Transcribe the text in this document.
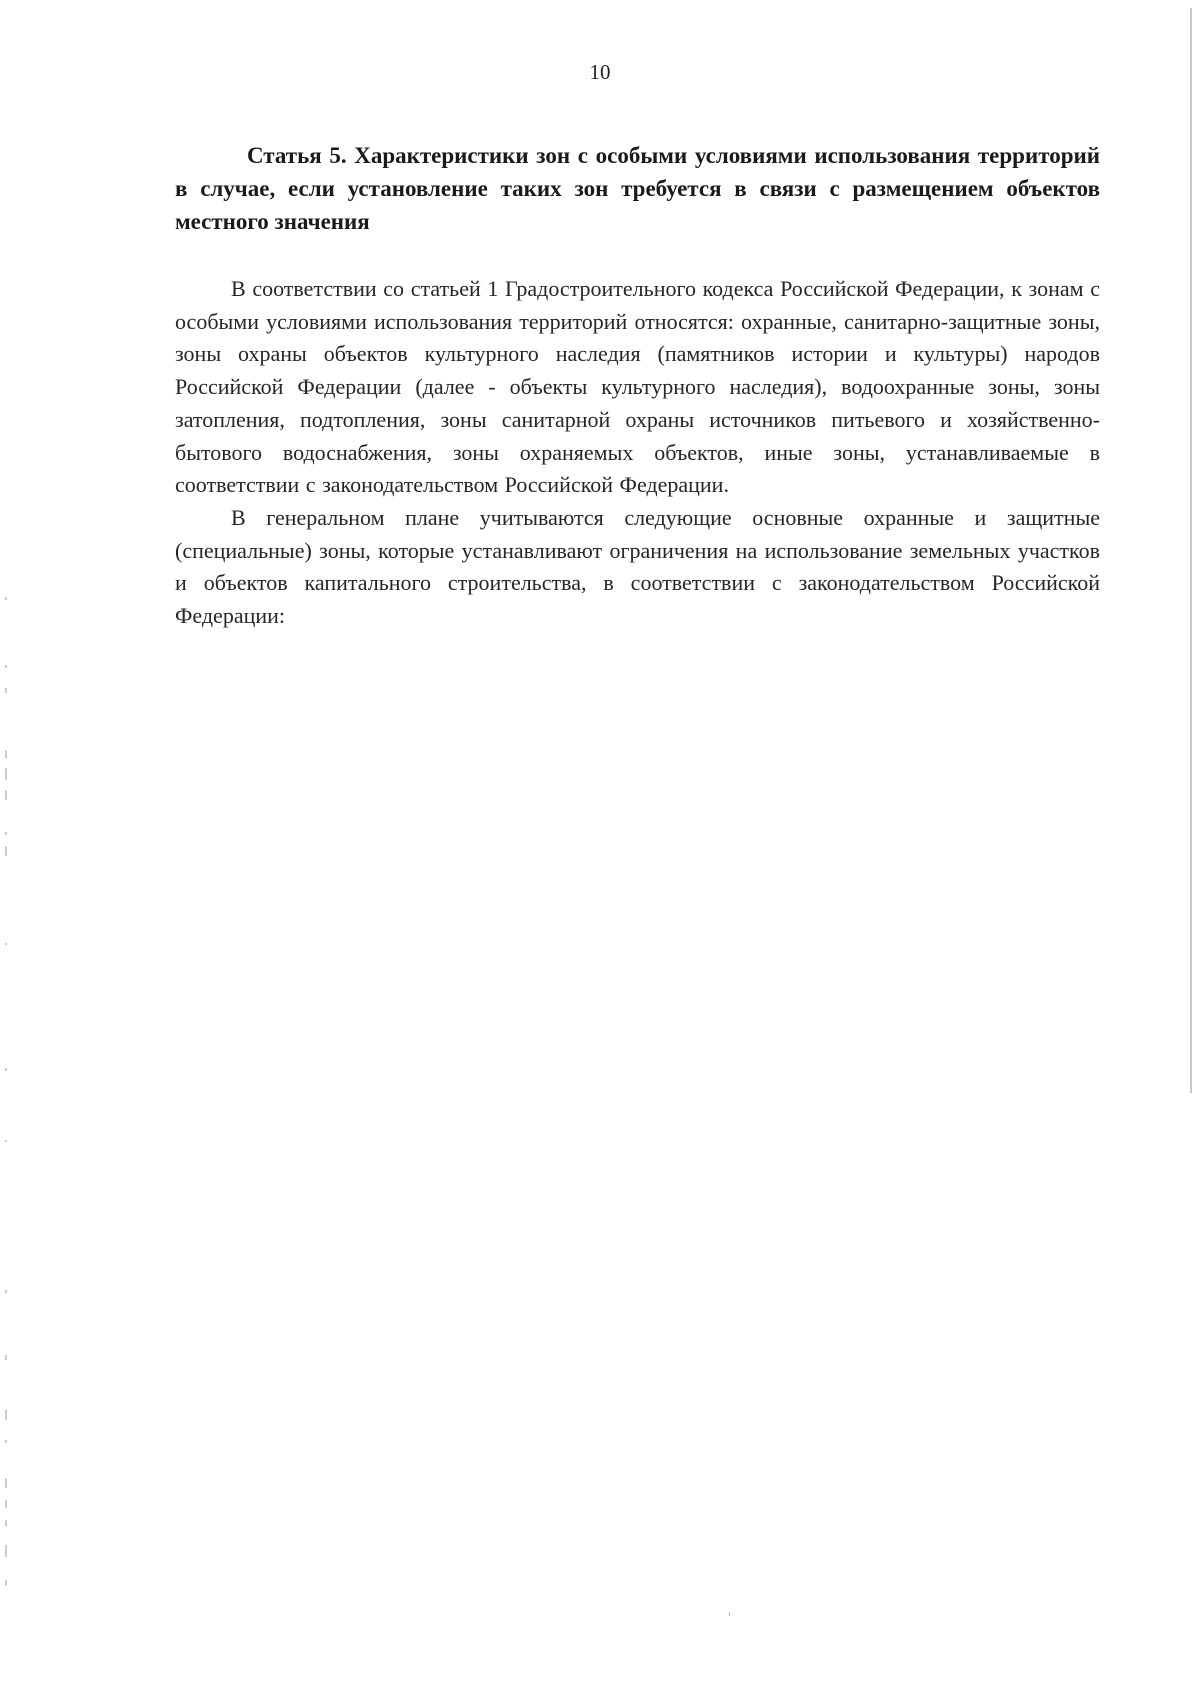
10

Статья 5. Характеристики зон с особыми условиями использования территорий в случае, если установление таких зон требуется в связи с размещением объектов местного значения

В соответствии со статьей 1 Градостроительного кодекса Российской Федерации, к зонам с особыми условиями использования территорий относятся: охранные, санитарно-защитные зоны, зоны охраны объектов культурного наследия (памятников истории и культуры) народов Российской Федерации (далее - объекты культурного наследия), водоохранные зоны, зоны затопления, подтопления, зоны санитарной охраны источников питьевого и хозяйственно-бытового водоснабжения, зоны охраняемых объектов, иные зоны, устанавливаемые в соответствии с законодательством Российской Федерации.

В генеральном плане учитываются следующие основные охранные и защитные (специальные) зоны, которые устанавливают ограничения на использование земельных участков и объектов капитального строительства, в соответствии с законодательством Российской Федерации:
